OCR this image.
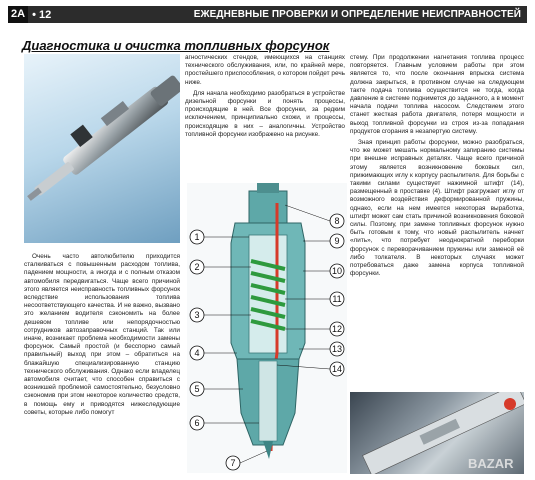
2A • 12	ЕЖЕДНЕВНЫЕ ПРОВЕРКИ И ОПРЕДЕЛЕНИЕ НЕИСПРАВНОСТЕЙ
Диагностика и очистка топливных форсунок

Очень часто автолюбителю приходится сталкиваться с повышенным расходом топлива, падением мощности, а иногда и с полным отказом автомобиля передвигаться. Чаще всего причиной этого является неисправность топливных форсунок вследствие использования топлива несоответствующего качества. И не важно, вызвано это желанием водителя сэкономить на более дешевом топливе или непорядочностью сотрудников автозаправочных станций. Так или иначе, возникает проблема необходимости замены форсунок. Самый простой (и бесспорно самый правильный) выход при этом – обратиться на блажайшую специализированную станцию технического обслуживания. Однако если владелец автомобиля считает, что способен справиться с возникшей проблемой самостоятельно, безусловно сэкономив при этом некоторое количество средств, в помощь ему и приводятся нижеследующие советы, которые либо помогут

агностических стендов, имеющихся на станциях технического обслуживания, или, по крайней мере, простейшего приспособления, о котором пойдет речь ниже.

Для начала необходимо разобраться в устройстве дизельной форсунки и понять процессы, происходящие в ней. Все форсунки, за редким исключением, принципиально схожи, и процессы, происходящие в них – аналогичны. Устройство топливной форсунки изображено на рисунке.

1
2
3
4
5
6
7
8
9
10
11
12
13
14

стему. При продолжении нагнетания топлива процесс повторяется. Главным условием работы при этом является то, что после окончания впрыска система должна закрыться, в противном случае на следующем такте подача топлива осуществится не тогда, когда давление в системе поднимется до заданного, а в момент начала подачи топлива насосом. Следствием этого станет жесткая работа двигателя, потеря мощности и выход топливной форсунки из строя из-за попадания продуктов сгорания в незапертую систему.

Зная принцип работы форсунки, можно разобраться, что же может мешать нормальному запиранию системы при внешне исправных деталях. Чаще всего причиной этому является возникновение боковых сил, прижимающих иглу к корпусу распылителя. Для борьбы с такими силами существует нажимной штифт (14), размещенный в проставке (4). Штифт разгружает иглу от возможного воздействия деформированной пружины, однако, если на нем имеется некоторая выработка, штифт может сам стать причиной возникновения боковой силы. Поэтому, при замене топливных форсунок нужно быть готовым к тому, что новый распылитель начнет «лить», что потребует неоднократной переборки форсунок с переворачиванием пружины или заменой её либо толкателя. В некоторых случаях может потребоваться даже замена корпуса топливной форсунки.

BAZAR
